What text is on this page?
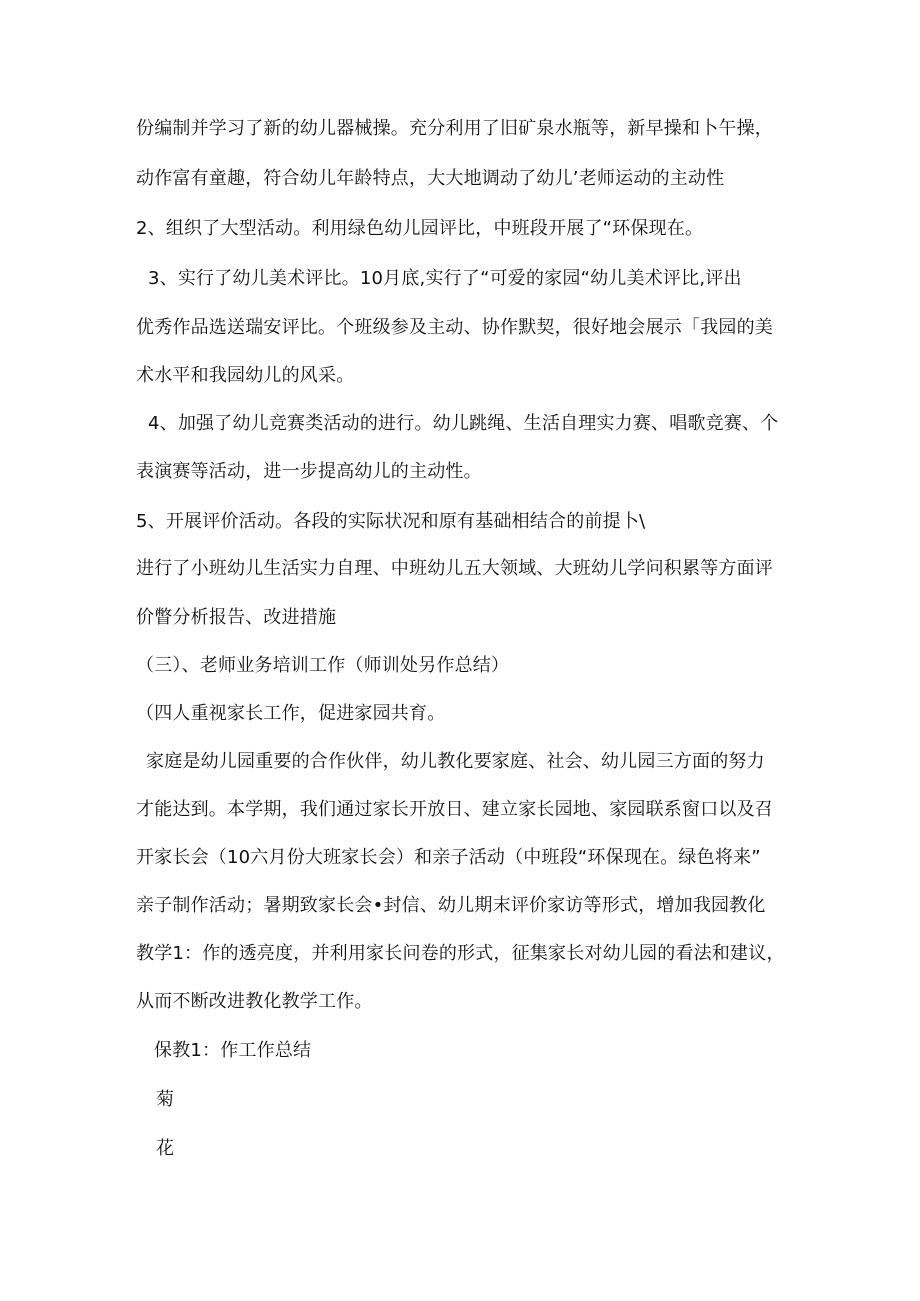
份编制并学习了新的幼儿器械操。充分利用了旧矿泉水瓶等，新早操和卜午操，
动作富有童趣，符合幼儿年龄特点，大大地调动了幼儿’老师运动的主动性
2、组织了大型活动。利用绿色幼儿园评比，中班段开展了“环保现在。
3、实行了幼儿美术评比。10月底,实行了“可爱的家园“幼儿美术评比,评出
优秀作品选送瑞安评比。个班级参及主动、协作默契，很好地会展示「我园的美
术水平和我园幼儿的风采。
4、加强了幼儿竞赛类活动的进行。幼儿跳绳、生活自理实力赛、唱歌竞赛、个
表演赛等活动，进一步提高幼儿的主动性。
5、开展评价活动。各段的实际状况和原有基础相结合的前提卜\
进行了小班幼儿生活实力自理、中班幼儿五大领域、大班幼儿学问积累等方面评
价瞥分析报告、改进措施
（三）、老师业务培训工作（师训处另作总结）
（四人重视家长工作，促进家园共育。
家庭是幼儿园重要的合作伙伴，幼儿教化要家庭、社会、幼儿园三方面的努力
才能达到。本学期，我们通过家长开放日、建立家长园地、家园联系窗口以及召
开家长会（10六月份大班家长会）和亲子活动（中班段“环保现在。绿色将来”
亲子制作活动；暑期致家长会•封信、幼儿期末评价家访等形式，增加我园教化
教学1：作的透亮度，并利用家长问卷的形式，征集家长对幼儿园的看法和建议，
从而不断改进教化教学工作。
保教1：作工作总结
菊
花
